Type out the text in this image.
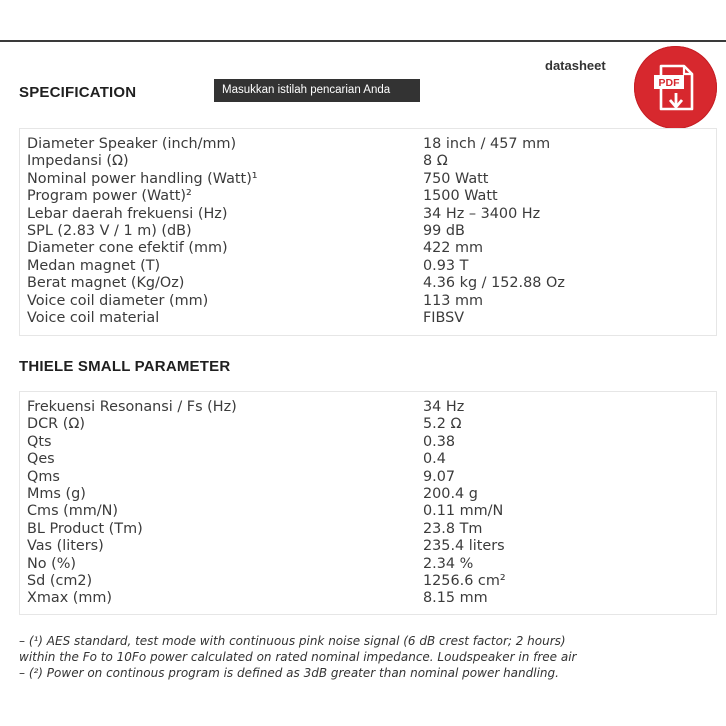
SPECIFICATION	Masukkan istilah pencarian Anda
datasheet
PDF
Diameter Speaker (inch/mm)	18 inch / 457 mm
Impedansi (Ω)	8 Ω
Nominal power handling (Watt)¹	750 Watt
Program power (Watt)²	1500 Watt
Lebar daerah frekuensi (Hz)	34 Hz – 3400 Hz
SPL (2.83 V / 1 m) (dB)	99 dB
Diameter cone efektif (mm)	422 mm
Medan magnet (T)	0.93 T
Berat magnet (Kg/Oz)	4.36 kg / 152.88 Oz
Voice coil diameter (mm)	113 mm
Voice coil material	FIBSV
THIELE SMALL PARAMETER
Frekuensi Resonansi / Fs (Hz)	34 Hz
DCR (Ω)	5.2 Ω
Qts	0.38
Qes	0.4
Qms	9.07
Mms (g)	200.4 g
Cms (mm/N)	0.11 mm/N
BL Product (Tm)	23.8 Tm
Vas (liters)	235.4 liters
No (%)	2.34 %
Sd (cm2)	1256.6 cm²
Xmax (mm)	8.15 mm
– (¹) AES standard, test mode with continuous pink noise signal (6 dB crest factor; 2 hours)
within the Fo to 10Fo power calculated on rated nominal impedance. Loudspeaker in free air
– (²) Power on continous program is defined as 3dB greater than nominal power handling.
